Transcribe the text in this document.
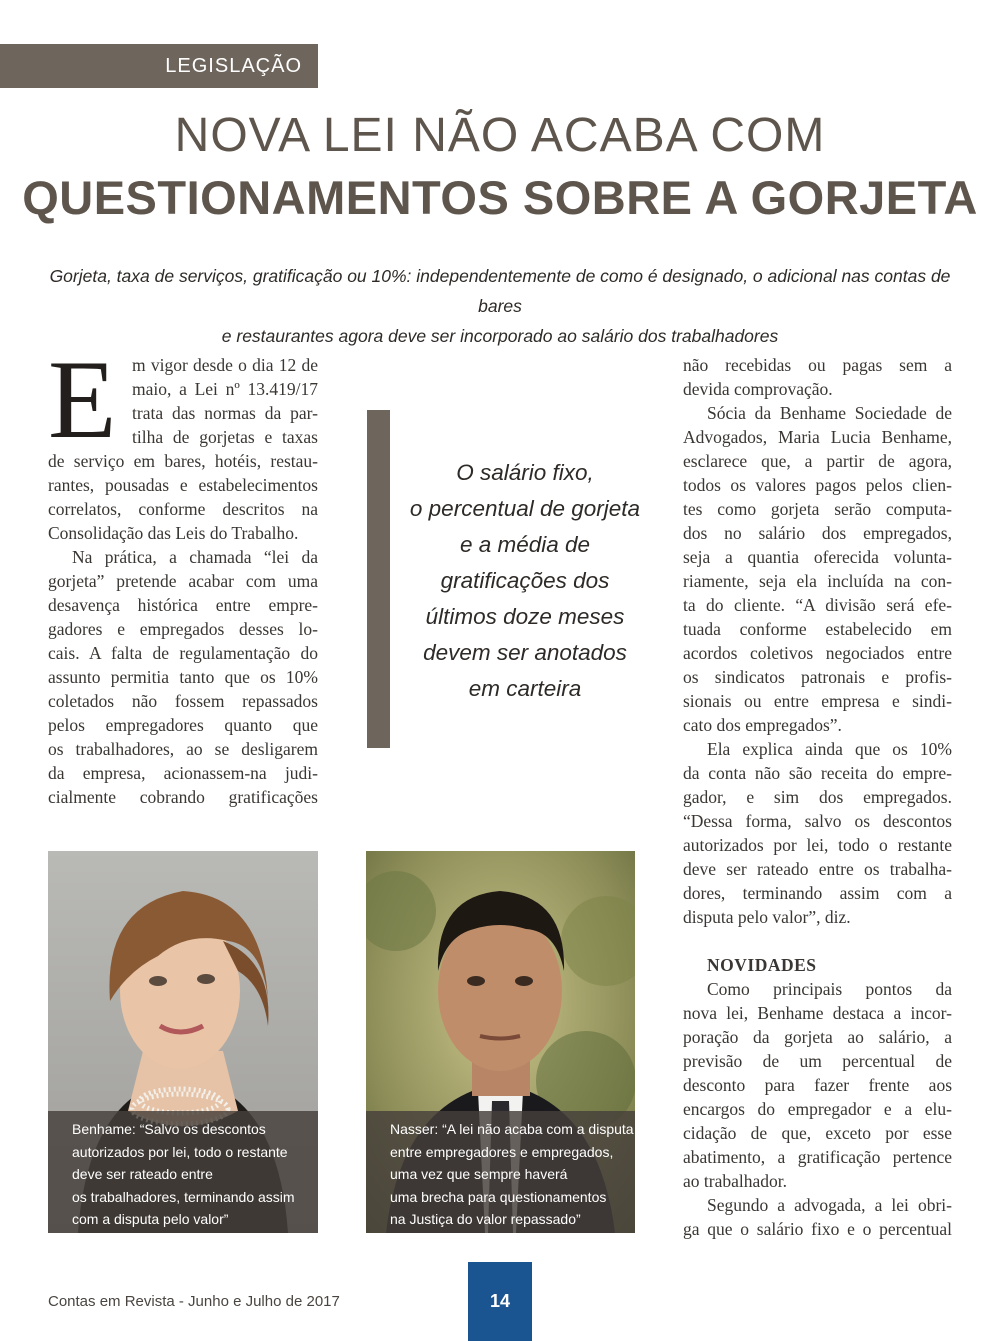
LEGISLAÇÃO
NOVA LEI NÃO ACABA COM
QUESTIONAMENTOS SOBRE A GORJETA

Gorjeta, taxa de serviços, gratificação ou 10%: independentemente de como é designado, o adicional nas contas de bares
e restaurantes agora deve ser incorporado ao salário dos trabalhadores

E m vigor desde o dia 12 de
maio, a Lei nº 13.419/17
trata das normas da par-
tilha de gorjetas e taxas
de serviço em bares, hotéis, restau-
rantes, pousadas e estabelecimentos
correlatos, conforme descritos na
Consolidação das Leis do Trabalho.
Na prática, a chamada “lei da
gorjeta” pretende acabar com uma
desavença histórica entre empre-
gadores e empregados desses lo-
cais. A falta de regulamentação do
assunto permitia tanto que os 10%
coletados não fossem repassados
pelos empregadores quanto que
os trabalhadores, ao se desligarem
da empresa, acionassem-na judi-
cialmente cobrando gratificações
O salário fixo,
o percentual de gorjeta
e a média de
gratificações dos
últimos doze meses
devem ser anotados
em carteira
não recebidas ou pagas sem a
devida comprovação.
Sócia da Benhame Sociedade de
Advogados, Maria Lucia Benhame,
esclarece que, a partir de agora,
todos os valores pagos pelos clien-
tes como gorjeta serão computa-
dos no salário dos empregados,
seja a quantia oferecida volunta-
riamente, seja ela incluída na con-
ta do cliente. “A divisão será efe-
tuada conforme estabelecido em
acordos coletivos negociados entre
os sindicatos patronais e profis-
sionais ou entre empresa e sindi-
cato dos empregados”.
Ela explica ainda que os 10%
da conta não são receita do empre-
gador, e sim dos empregados.
“Dessa forma, salvo os descontos
autorizados por lei, todo o restante
deve ser rateado entre os trabalha-
dores, terminando assim com a
disputa pelo valor”, diz.
NOVIDADES
Como principais pontos da
nova lei, Benhame destaca a incor-
poração da gorjeta ao salário, a
previsão de um percentual de
desconto para fazer frente aos
encargos do empregador e a elu-
cidação de que, exceto por esse
abatimento, a gratificação pertence
ao trabalhador.
Segundo a advogada, a lei obri-
ga que o salário fixo e o percentual
Benhame: “Salvo os descontos
autorizados por lei, todo o restante
deve ser rateado entre
os trabalhadores, terminando assim
com a disputa pelo valor”
Nasser: “A lei não acaba com a disputa
entre empregadores e empregados,
uma vez que sempre haverá
uma brecha para questionamentos
na Justiça do valor repassado”
Contas em Revista - Junho e Julho de 2017	14
